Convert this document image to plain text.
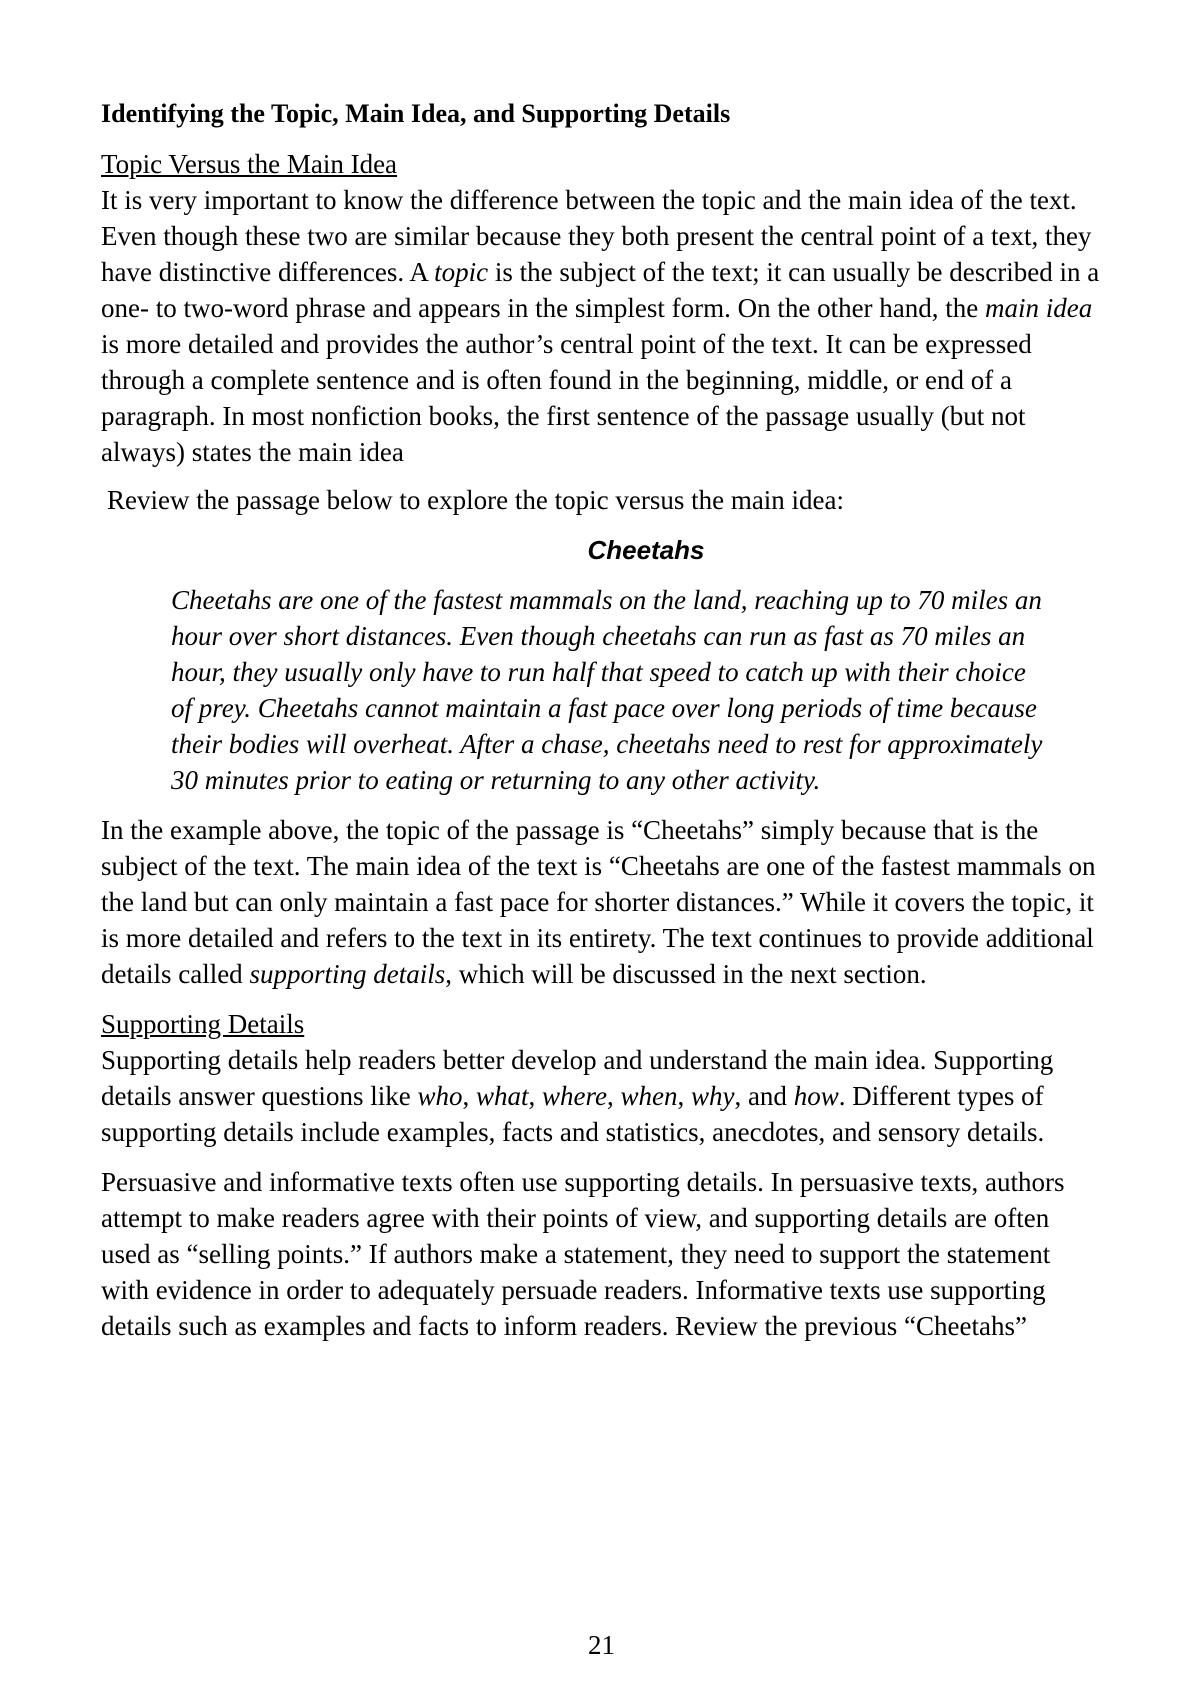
Identifying the Topic, Main Idea, and Supporting Details

Topic Versus the Main Idea

It is very important to know the difference between the topic and the main idea of the text. Even though these two are similar because they both present the central point of a text, they have distinctive differences. A topic is the subject of the text; it can usually be described in a one- to two-word phrase and appears in the simplest form. On the other hand, the main idea is more detailed and provides the author’s central point of the text. It can be expressed through a complete sentence and is often found in the beginning, middle, or end of a paragraph. In most nonfiction books, the first sentence of the passage usually (but not always) states the main idea

Review the passage below to explore the topic versus the main idea:

Cheetahs

Cheetahs are one of the fastest mammals on the land, reaching up to 70 miles an hour over short distances. Even though cheetahs can run as fast as 70 miles an hour, they usually only have to run half that speed to catch up with their choice of prey. Cheetahs cannot maintain a fast pace over long periods of time because their bodies will overheat. After a chase, cheetahs need to rest for approximately 30 minutes prior to eating or returning to any other activity.

In the example above, the topic of the passage is “Cheetahs” simply because that is the subject of the text. The main idea of the text is “Cheetahs are one of the fastest mammals on the land but can only maintain a fast pace for shorter distances.” While it covers the topic, it is more detailed and refers to the text in its entirety. The text continues to provide additional details called supporting details, which will be discussed in the next section.

Supporting Details

Supporting details help readers better develop and understand the main idea. Supporting details answer questions like who, what, where, when, why, and how. Different types of supporting details include examples, facts and statistics, anecdotes, and sensory details.

Persuasive and informative texts often use supporting details. In persuasive texts, authors attempt to make readers agree with their points of view, and supporting details are often used as “selling points.” If authors make a statement, they need to support the statement with evidence in order to adequately persuade readers. Informative texts use supporting details such as examples and facts to inform readers. Review the previous “Cheetahs”

21
